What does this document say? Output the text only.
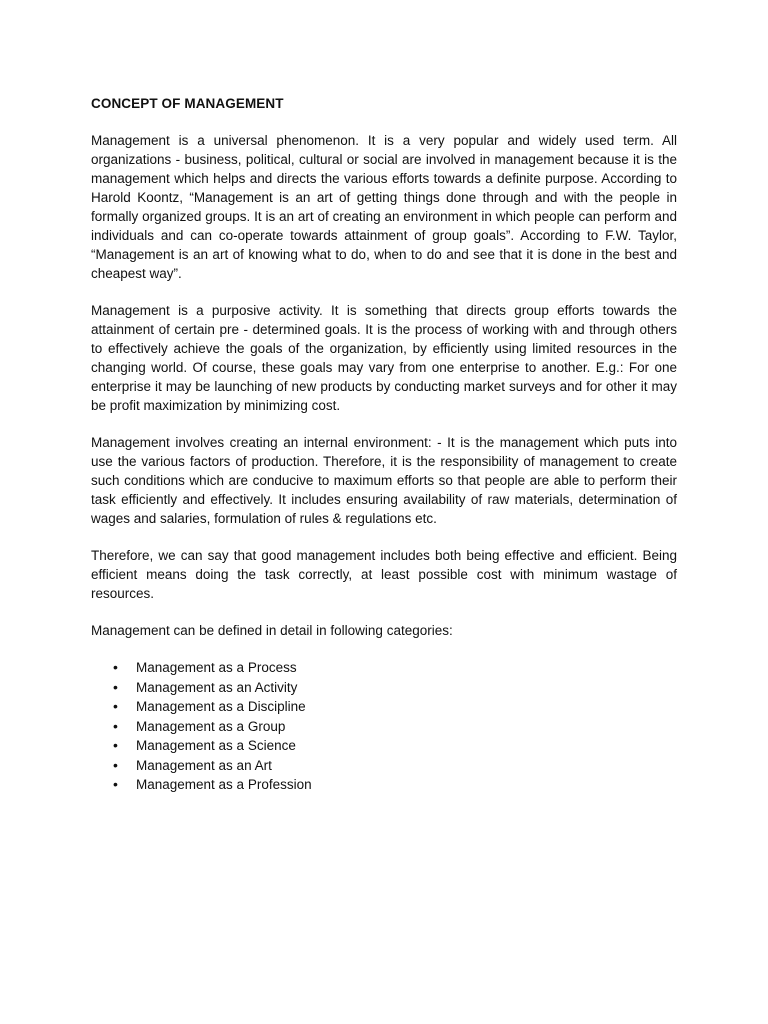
CONCEPT OF MANAGEMENT

Management is a universal phenomenon. It is a very popular and widely used term. All organizations - business, political, cultural or social are involved in management because it is the management which helps and directs the various efforts towards a definite purpose. According to Harold Koontz, “Management is an art of getting things done through and with the people in formally organized groups. It is an art of creating an environment in which people can perform and individuals and can co-operate towards attainment of group goals”. According to F.W. Taylor, “Management is an art of knowing what to do, when to do and see that it is done in the best and cheapest way”.

Management is a purposive activity. It is something that directs group efforts towards the attainment of certain pre - determined goals. It is the process of working with and through others to effectively achieve the goals of the organization, by efficiently using limited resources in the changing world. Of course, these goals may vary from one enterprise to another. E.g.: For one enterprise it may be launching of new products by conducting market surveys and for other it may be profit maximization by minimizing cost.

Management involves creating an internal environment: - It is the management which puts into use the various factors of production. Therefore, it is the responsibility of management to create such conditions which are conducive to maximum efforts so that people are able to perform their task efficiently and effectively. It includes ensuring availability of raw materials, determination of wages and salaries, formulation of rules & regulations etc.

Therefore, we can say that good management includes both being effective and efficient. Being efficient means doing the task correctly, at least possible cost with minimum wastage of resources.

Management can be defined in detail in following categories:

•	Management as a Process
•	Management as an Activity
•	Management as a Discipline
•	Management as a Group
•	Management as a Science
•	Management as an Art
•	Management as a Profession
